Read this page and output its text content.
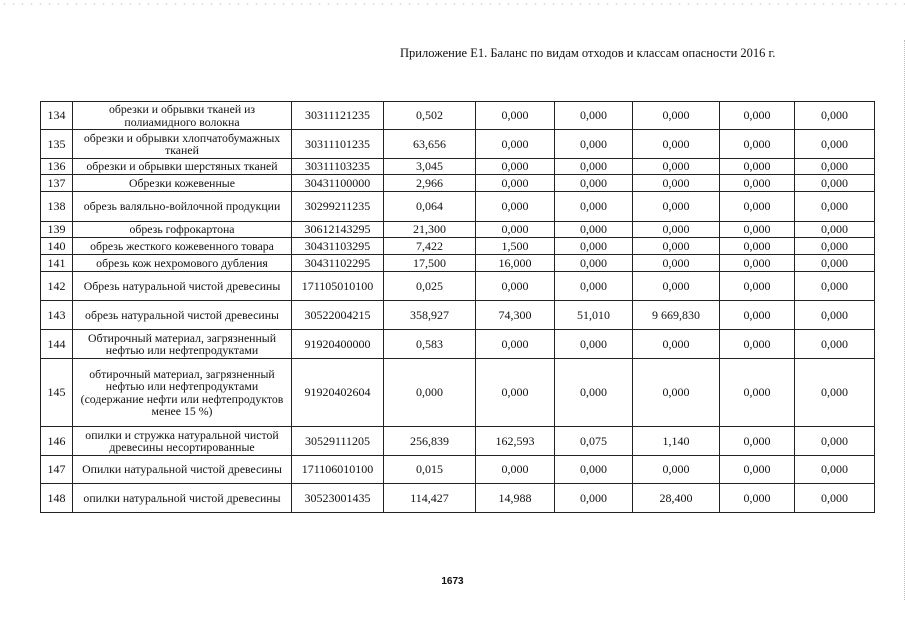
Приложение Е1. Баланс по видам отходов и классам опасности 2016 г.
134	обрезки и обрывки тканей из полиамидного волокна	30311121235	0,502	0,000	0,000	0,000	0,000	0,000
135	обрезки и обрывки хлопчатобумажных тканей	30311101235	63,656	0,000	0,000	0,000	0,000	0,000
136	обрезки и обрывки шерстяных тканей	30311103235	3,045	0,000	0,000	0,000	0,000	0,000
137	Обрезки кожевенные	30431100000	2,966	0,000	0,000	0,000	0,000	0,000
138	обрезь валяльно-войлочной продукции	30299211235	0,064	0,000	0,000	0,000	0,000	0,000
139	обрезь гофрокартона	30612143295	21,300	0,000	0,000	0,000	0,000	0,000
140	обрезь жесткого кожевенного товара	30431103295	7,422	1,500	0,000	0,000	0,000	0,000
141	обрезь кож нехромового дубления	30431102295	17,500	16,000	0,000	0,000	0,000	0,000
142	Обрезь натуральной чистой древесины	171105010100	0,025	0,000	0,000	0,000	0,000	0,000
143	обрезь натуральной чистой древесины	30522004215	358,927	74,300	51,010	9 669,830	0,000	0,000
144	Обтирочный материал, загрязненный нефтью или нефтепродуктами	91920400000	0,583	0,000	0,000	0,000	0,000	0,000
145	обтирочный материал, загрязненный нефтью или нефтепродуктами (содержание нефти или нефтепродуктов менее 15 %)	91920402604	0,000	0,000	0,000	0,000	0,000	0,000
146	опилки и стружка натуральной чистой древесины несортированные	30529111205	256,839	162,593	0,075	1,140	0,000	0,000
147	Опилки натуральной чистой древесины	171106010100	0,015	0,000	0,000	0,000	0,000	0,000
148	опилки натуральной чистой древесины	30523001435	114,427	14,988	0,000	28,400	0,000	0,000
1673
